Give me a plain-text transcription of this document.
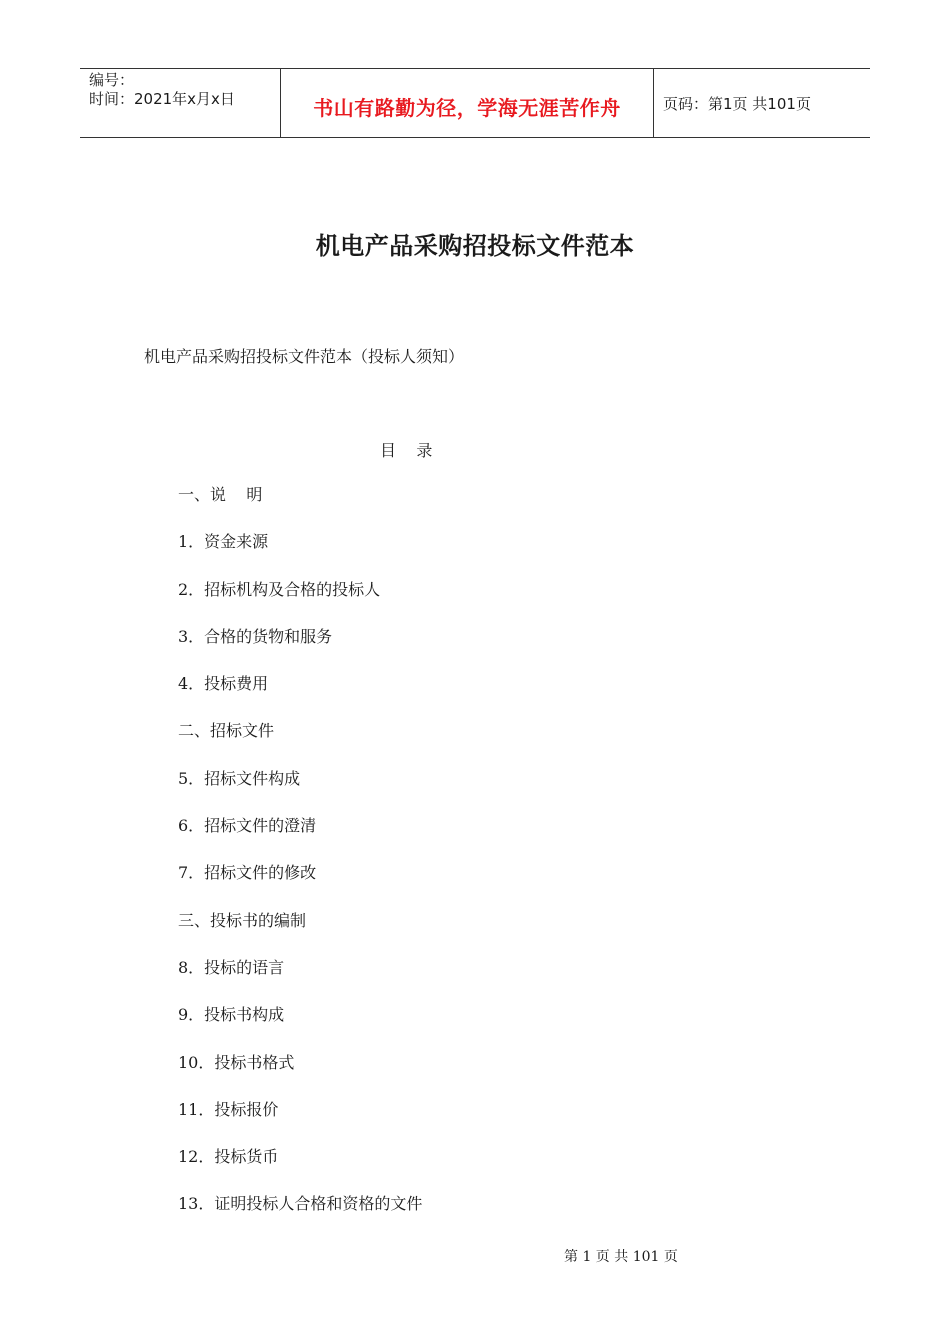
编号：
时间：2021年x月x日	书山有路勤为径，学海无涯苦作舟	页码：第1页 共101页
机电产品采购招投标文件范本
机电产品采购招投标文件范本（投标人须知）
目    录
一、说    明
1．资金来源
2．招标机构及合格的投标人
3．合格的货物和服务
4．投标费用
二、招标文件
5．招标文件构成
6．招标文件的澄清
7．招标文件的修改
三、投标书的编制
8．投标的语言
9．投标书构成
10．投标书格式
11．投标报价
12．投标货币
13．证明投标人合格和资格的文件
第 1 页 共 101 页
